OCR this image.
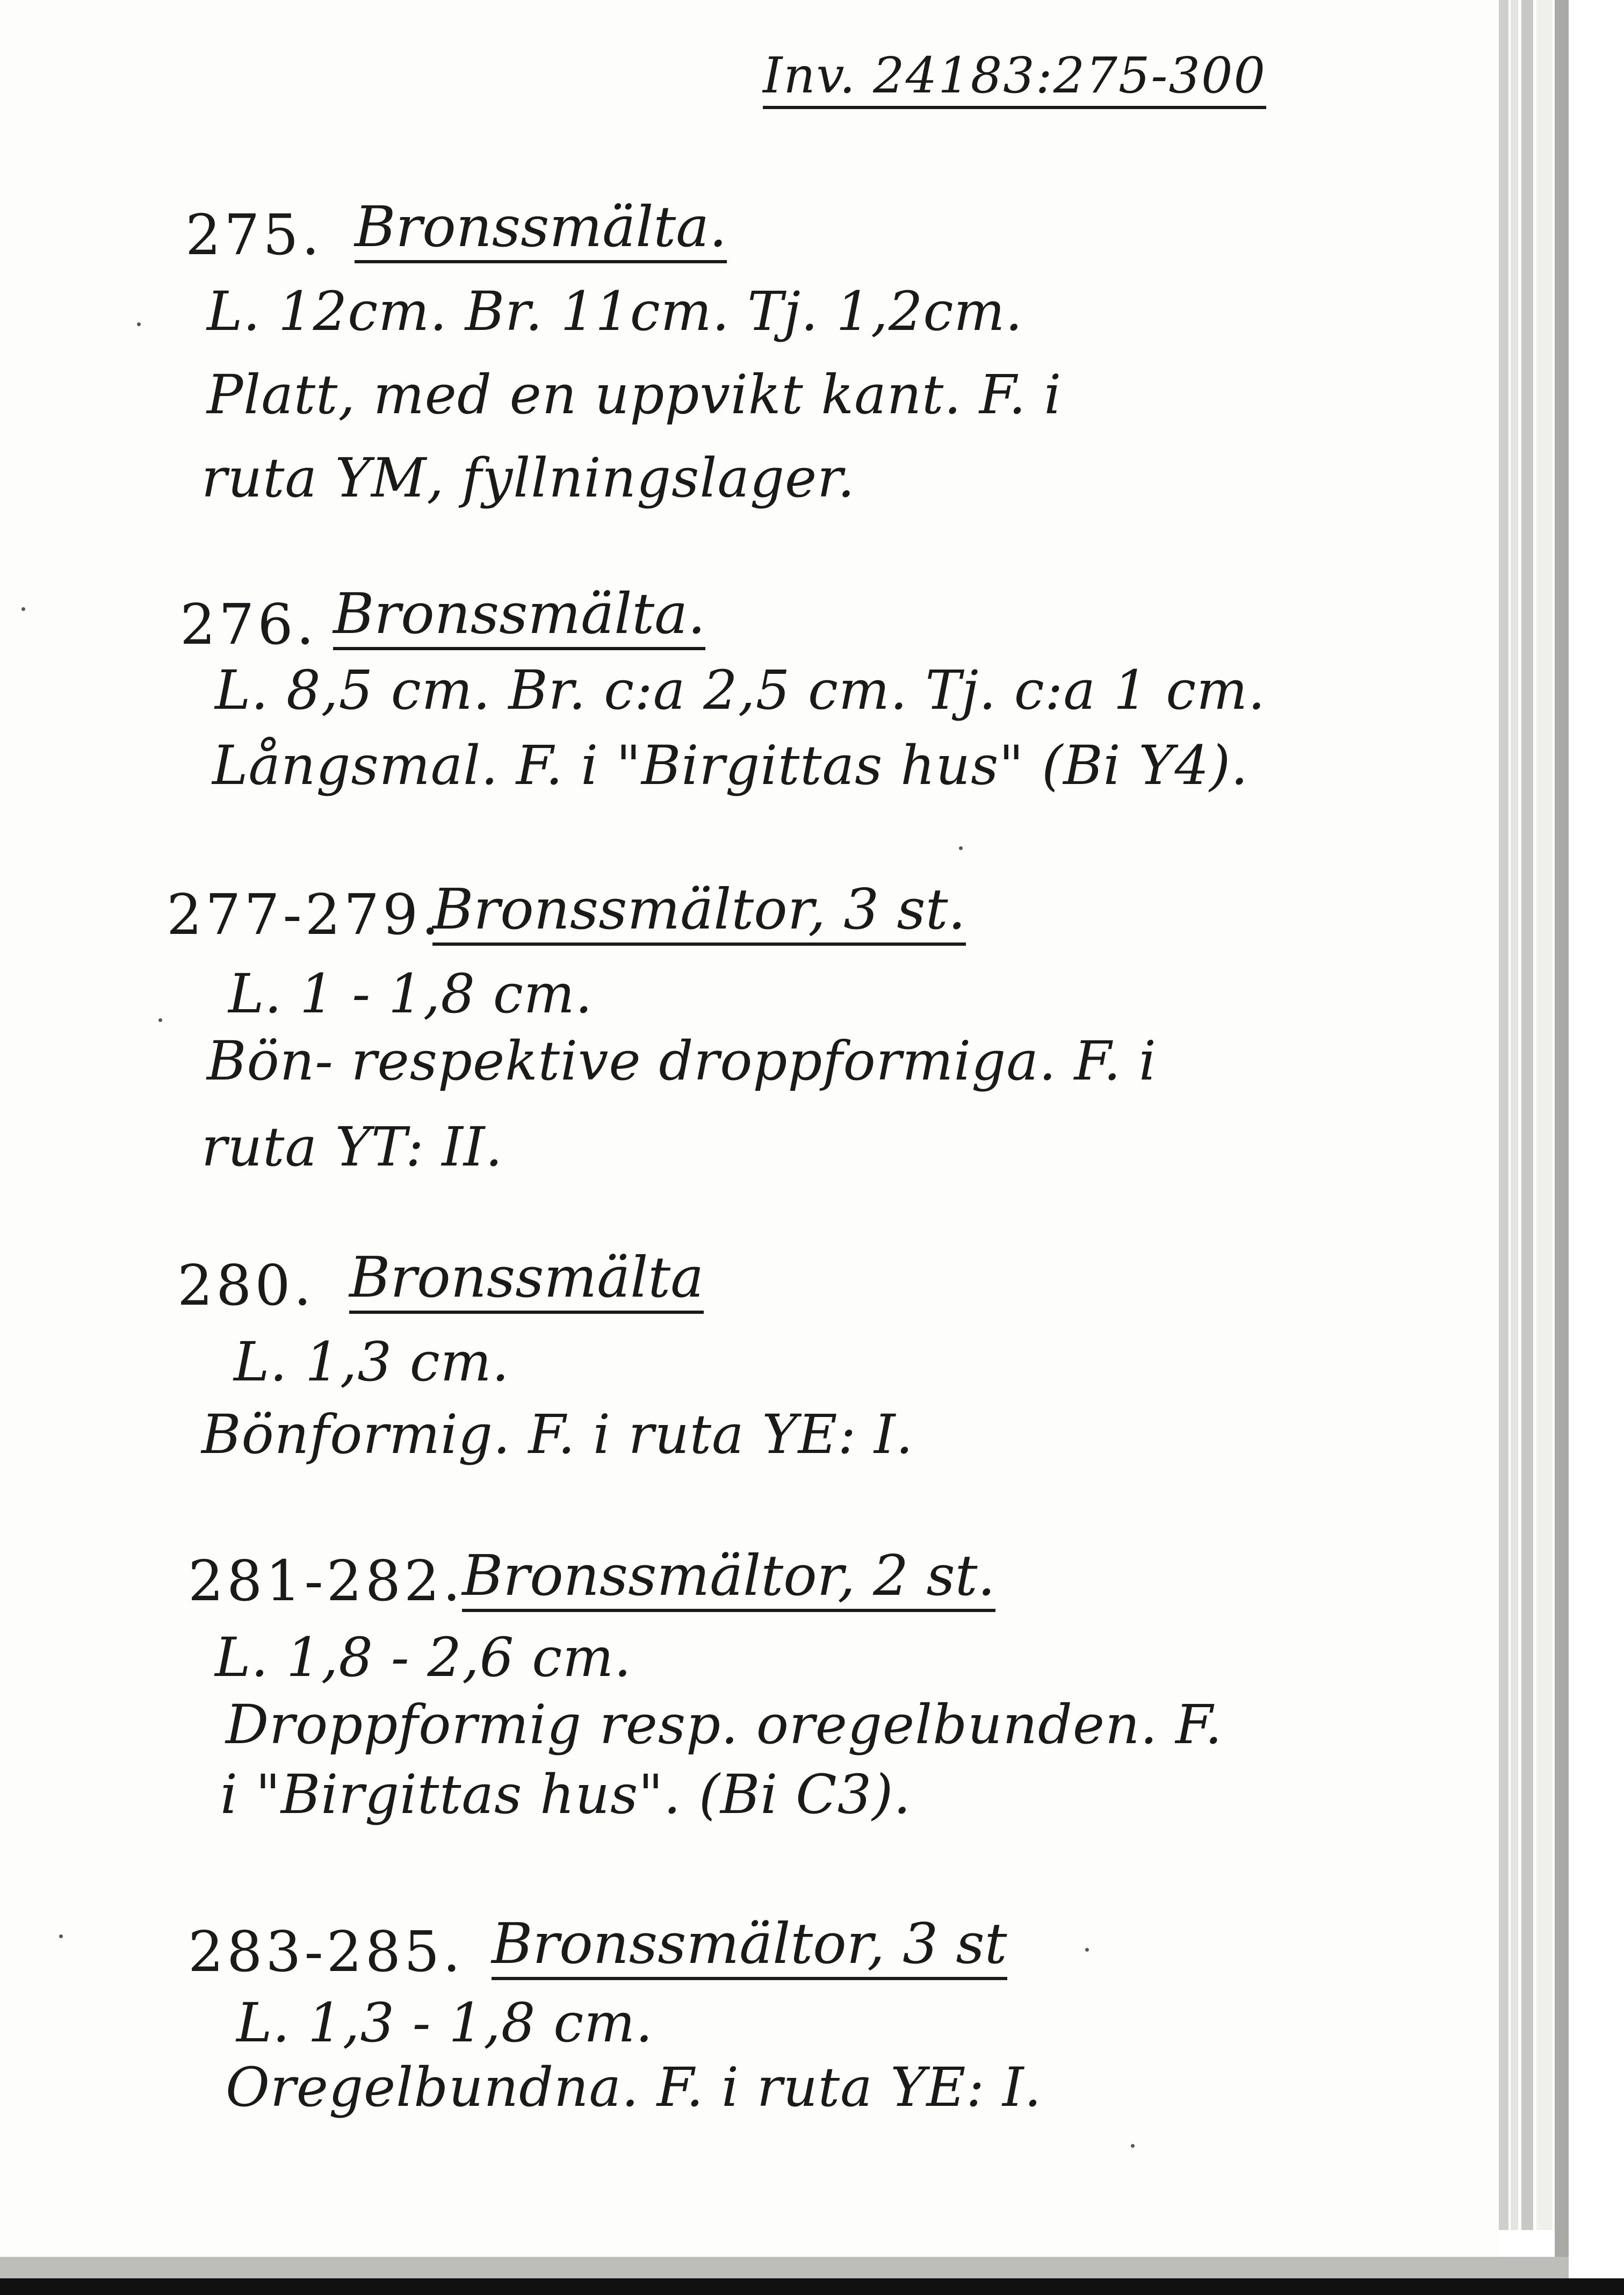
Inv. 24183:275-300
275. Bronssmälta.
L. 12cm. Br. 11cm. Tj. 1,2cm.
Platt, med en uppvikt kant. F. i
ruta YM, fyllningslager.
276. Bronssmälta.
L. 8,5 cm. Br. c:a 2,5 cm. Tj. c:a 1 cm.
Långsmal. F. i "Birgittas hus" (Bi Y4).
277-279.
Bronssmältor, 3 st.
L. 1 - 1,8 cm.
Bön- respektive droppformiga. F. i
ruta YT: II.
280. Bronssmälta
L. 1,3 cm.
Bönformig. F. i ruta YE: I.
281-282.
Bronssmältor, 2 st.
L. 1,8 - 2,6 cm.
Droppformig resp. oregelbunden. F.
i "Birgittas hus". (Bi C3).
283-285. Bronssmältor, 3 st
L. 1,3 - 1,8 cm.
Oregelbundna. F. i ruta YE: I.
